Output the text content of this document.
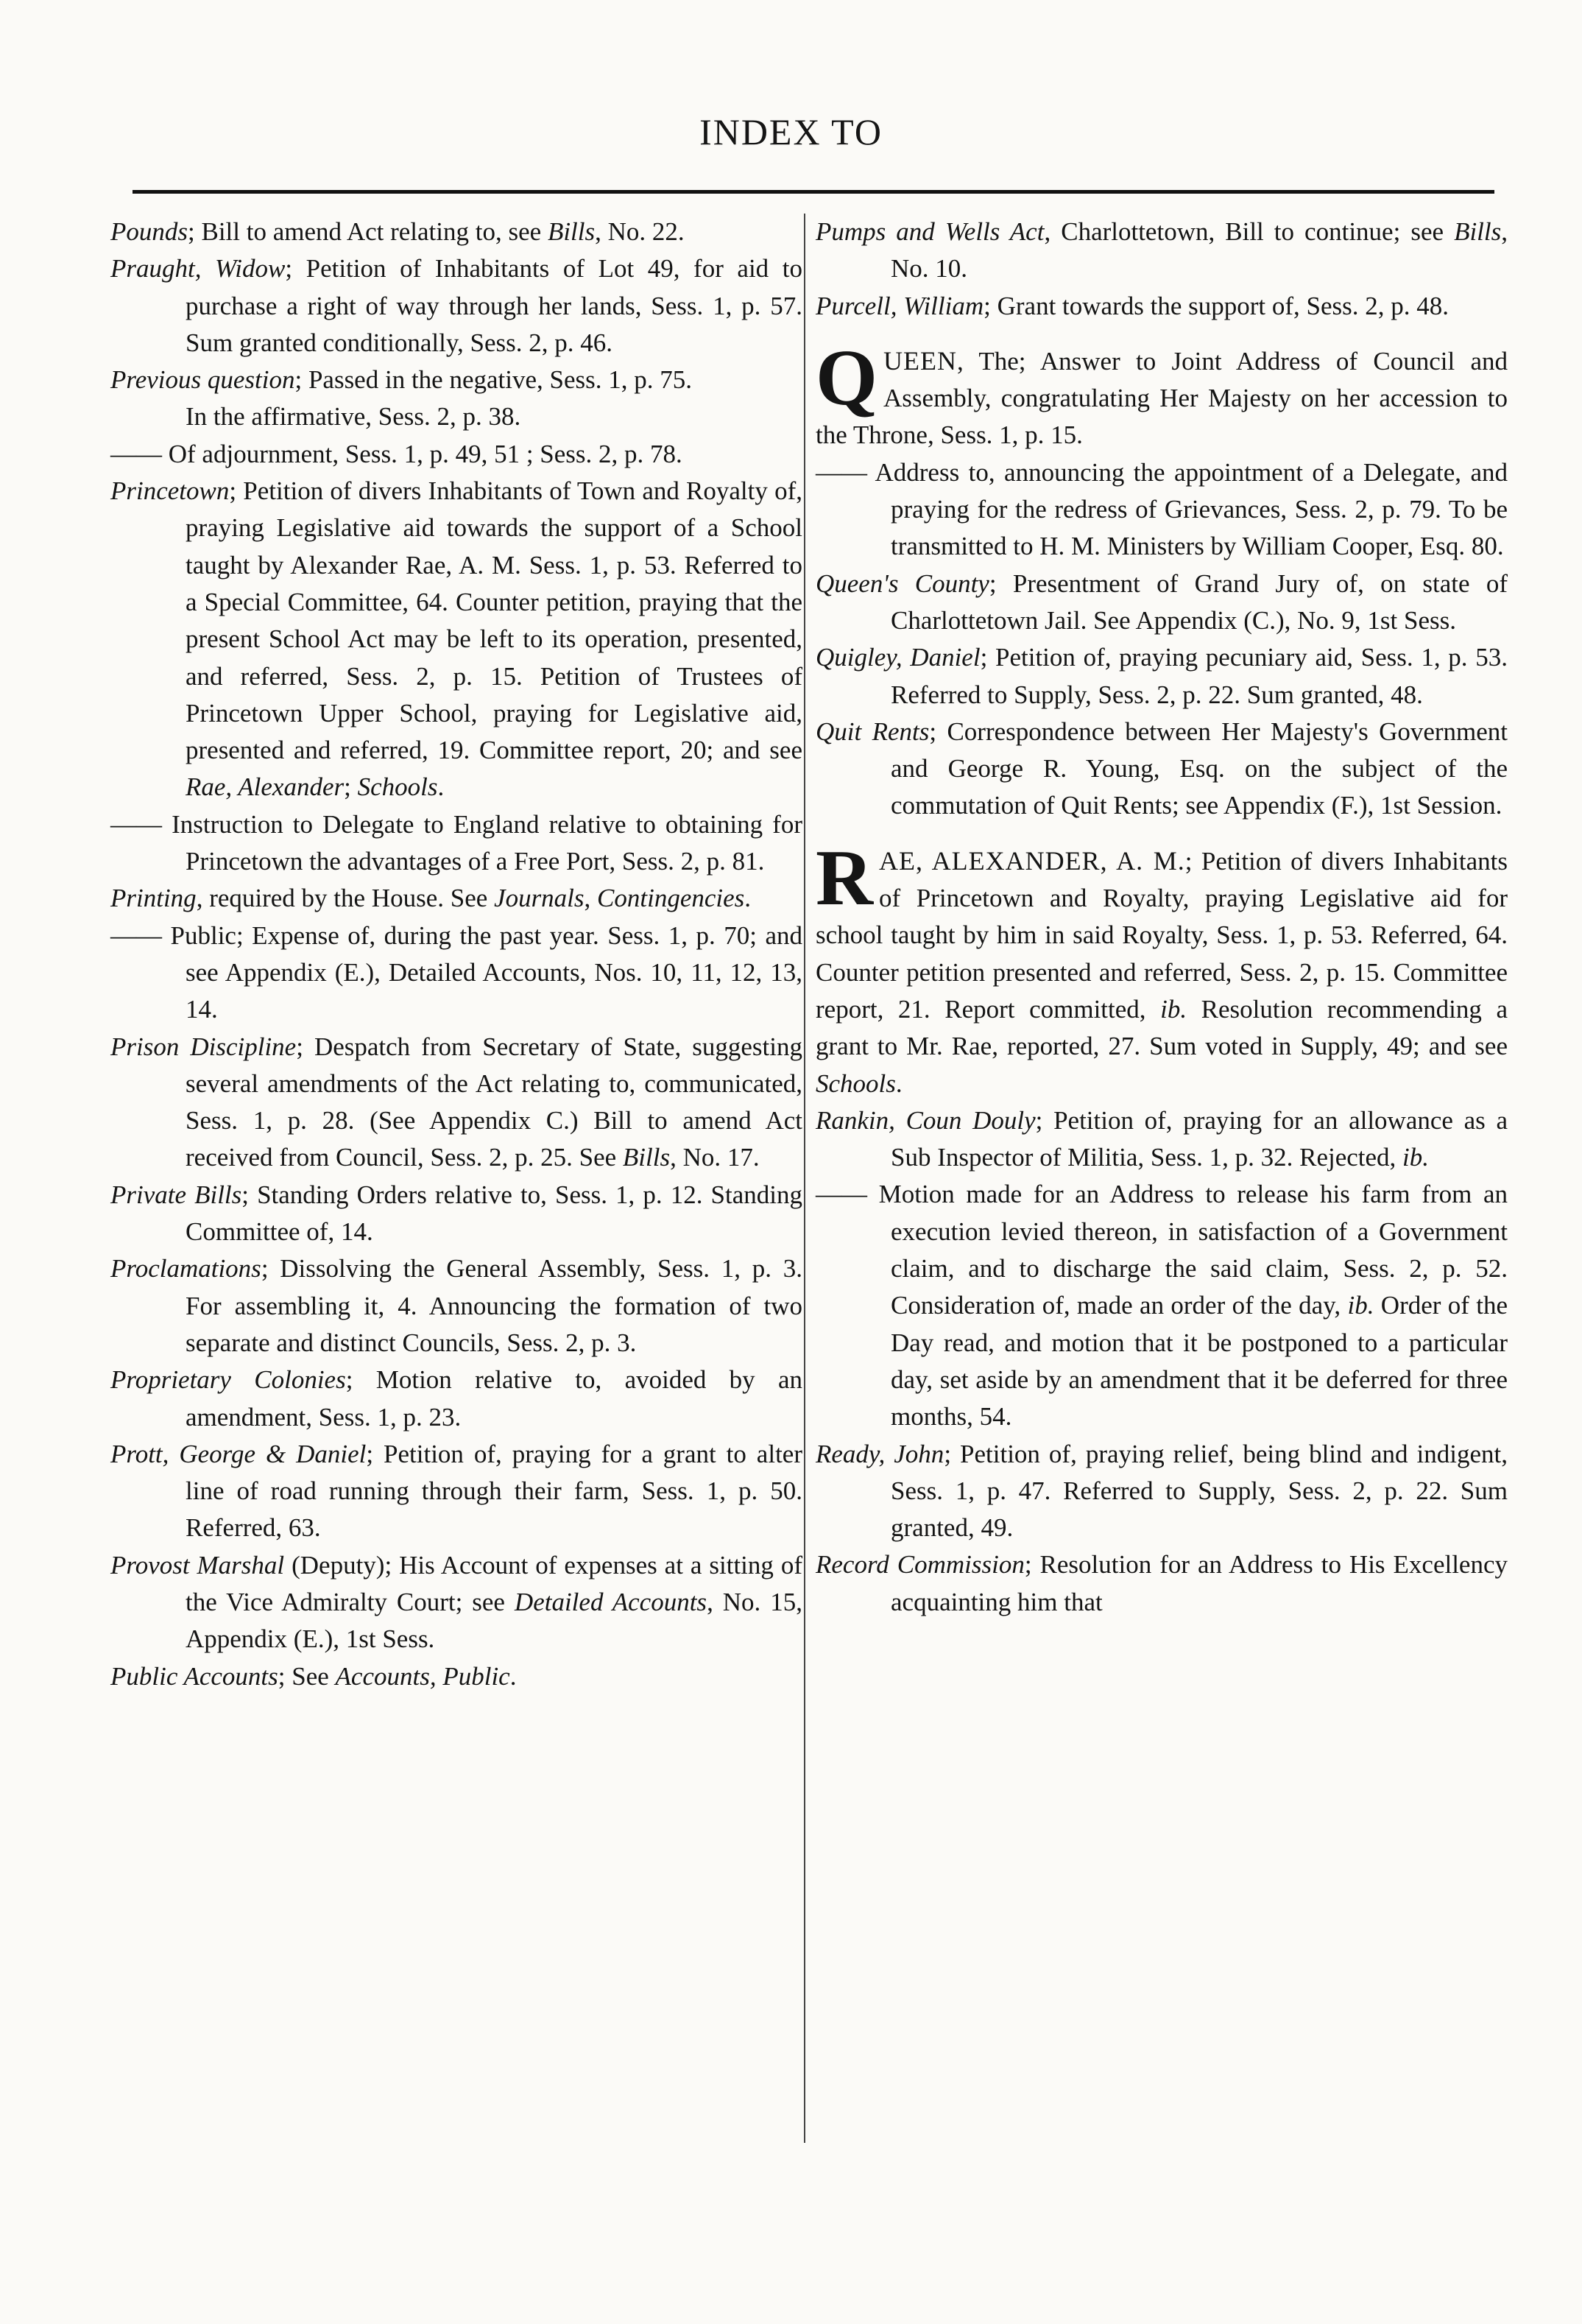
INDEX TO

Pounds; Bill to amend Act relating to, see Bills, No. 22.

Praught, Widow; Petition of Inhabitants of Lot 49, for aid to purchase a right of way through her lands, Sess. 1, p. 57. Sum granted conditionally, Sess. 2, p. 46.

Previous question; Passed in the negative, Sess. 1, p. 75.

In the affirmative, Sess. 2, p. 38.

—— Of adjournment, Sess. 1, p. 49, 51 ; Sess. 2, p. 78.

Princetown; Petition of divers Inhabitants of Town and Royalty of, praying Legislative aid towards the support of a School taught by Alexander Rae, A. M. Sess. 1, p. 53. Referred to a Special Committee, 64. Counter petition, praying that the present School Act may be left to its operation, presented, and referred, Sess. 2, p. 15. Petition of Trustees of Princetown Upper School, praying for Legislative aid, presented and referred, 19. Committee report, 20; and see Rae, Alexander; Schools.

—— Instruction to Delegate to England relative to obtaining for Princetown the advantages of a Free Port, Sess. 2, p. 81.

Printing, required by the House. See Journals, Contingencies.

—— Public; Expense of, during the past year. Sess. 1, p. 70; and see Appendix (E.), Detailed Accounts, Nos. 10, 11, 12, 13, 14.

Prison Discipline; Despatch from Secretary of State, suggesting several amendments of the Act relating to, communicated, Sess. 1, p. 28. (See Appendix C.) Bill to amend Act received from Council, Sess. 2, p. 25. See Bills, No. 17.

Private Bills; Standing Orders relative to, Sess. 1, p. 12. Standing Committee of, 14.

Proclamations; Dissolving the General Assembly, Sess. 1, p. 3. For assembling it, 4. Announcing the formation of two separate and distinct Councils, Sess. 2, p. 3.

Proprietary Colonies; Motion relative to, avoided by an amendment, Sess. 1, p. 23.

Prott, George & Daniel; Petition of, praying for a grant to alter line of road running through their farm, Sess. 1, p. 50. Referred, 63.

Provost Marshal (Deputy); His Account of expenses at a sitting of the Vice Admiralty Court; see Detailed Accounts, No. 15, Appendix (E.), 1st Sess.

Public Accounts; See Accounts, Public.

Pumps and Wells Act, Charlottetown, Bill to continue; see Bills, No. 10.

Purcell, William; Grant towards the support of, Sess. 2, p. 48.

QUEEN, The; Answer to Joint Address of Council and Assembly, congratulating Her Majesty on her accession to the Throne, Sess. 1, p. 15.

—— Address to, announcing the appointment of a Delegate, and praying for the redress of Grievances, Sess. 2, p. 79. To be transmitted to H. M. Ministers by William Cooper, Esq. 80.

Queen's County; Presentment of Grand Jury of, on state of Charlottetown Jail. See Appendix (C.), No. 9, 1st Sess.

Quigley, Daniel; Petition of, praying pecuniary aid, Sess. 1, p. 53. Referred to Supply, Sess. 2, p. 22. Sum granted, 48.

Quit Rents; Correspondence between Her Majesty's Government and George R. Young, Esq. on the subject of the commutation of Quit Rents; see Appendix (F.), 1st Session.

RAE, ALEXANDER, A. M.; Petition of divers Inhabitants of Princetown and Royalty, praying Legislative aid for school taught by him in said Royalty, Sess. 1, p. 53. Referred, 64. Counter petition presented and referred, Sess. 2, p. 15. Committee report, 21. Report committed, ib. Resolution recommending a grant to Mr. Rae, reported, 27. Sum voted in Supply, 49; and see Schools.

Rankin, Coun Douly; Petition of, praying for an allowance as a Sub Inspector of Militia, Sess. 1, p. 32. Rejected, ib.

—— Motion made for an Address to release his farm from an execution levied thereon, in satisfaction of a Government claim, and to discharge the said claim, Sess. 2, p. 52. Consideration of, made an order of the day, ib. Order of the Day read, and motion that it be postponed to a particular day, set aside by an amendment that it be deferred for three months, 54.

Ready, John; Petition of, praying relief, being blind and indigent, Sess. 1, p. 47. Referred to Supply, Sess. 2, p. 22. Sum granted, 49.

Record Commission; Resolution for an Address to His Excellency acquainting him that
